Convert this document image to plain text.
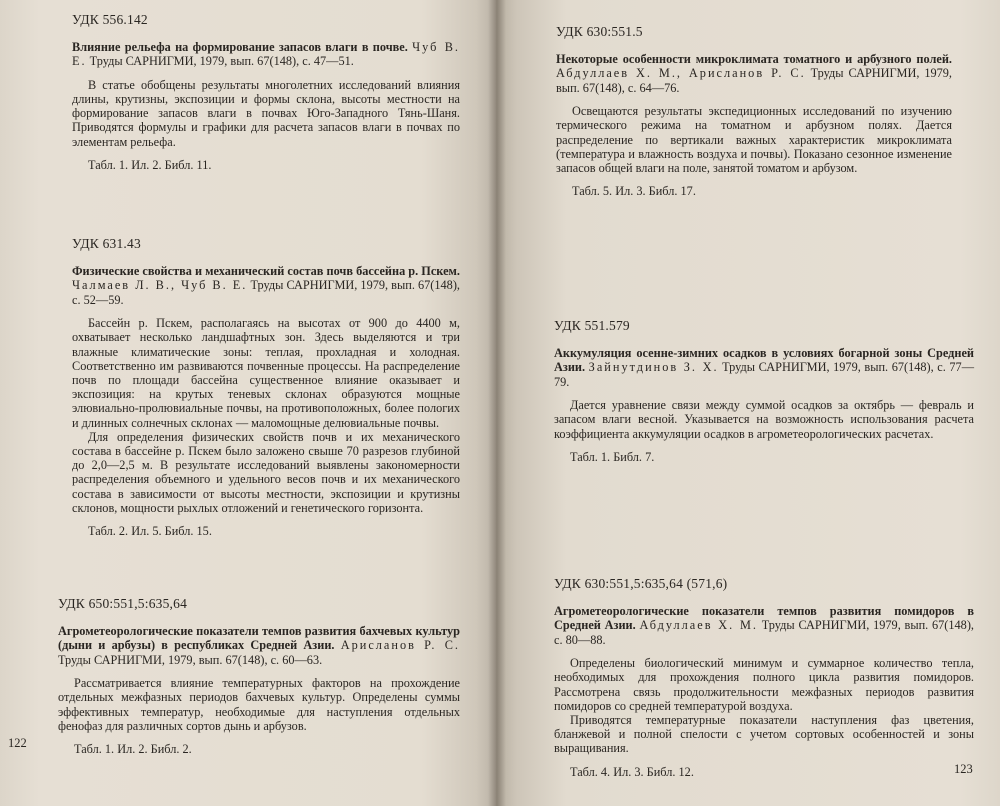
УДК 556.142

Влияние рельефа на формирование запасов влаги в почве. Чуб В. Е. Труды САРНИГМИ, 1979, вып. 67(148), с. 47—51.

В статье обобщены результаты многолетних исследований влияния длины, крутизны, экспозиции и формы склона, высоты местности на формирование запасов влаги в почвах Юго-Западного Тянь-Шаня. Приводятся формулы и графики для расчета запасов влаги в почвах по элементам рельефа.

Табл. 1. Ил. 2. Библ. 11.
УДК 631.43

Физические свойства и механический состав почв бассейна р. Пскем. Чалмаев Л. В., Чуб В. Е. Труды САРНИГМИ, 1979, вып. 67(148), с. 52—59.

Бассейн р. Пскем, располагаясь на высотах от 900 до 4400 м, охватывает несколько ландшафтных зон. Здесь выделяются и три влажные климатические зоны: теплая, прохладная и холодная. Соответственно им развиваются почвенные процессы. На распределение почв по площади бассейна существенное влияние оказывает и экспозиция: на крутых теневых склонах образуются мощные элювиально-пролювиальные почвы, на противоположных, более пологих и длинных солнечных склонах — маломощные делювиальные почвы.

Для определения физических свойств почв и их механического состава в бассейне р. Пскем было заложено свыше 70 разрезов глубиной до 2,0—2,5 м. В результате исследований выявлены закономерности распределения объемного и удельного весов почв и их механического состава в зависимости от высоты местности, экспозиции и крутизны склонов, мощности рыхлых отложений и генетического горизонта.

Табл. 2. Ил. 5. Библ. 15.
УДК 650:551,5:635,64

Агрометеорологические показатели темпов развития бахчевых культур (дыни и арбузы) в республиках Средней Азии. Арисланов Р. С. Труды САРНИГМИ, 1979, вып. 67(148), с. 60—63.

Рассматривается влияние температурных факторов на прохождение отдельных межфазных периодов бахчевых культур. Определены суммы эффективных температур, необходимые для наступления отдельных фенофаз для различных сортов дынь и арбузов.

Табл. 1. Ил. 2. Библ. 2.
122
УДК 630:551.5

Некоторые особенности микроклимата томатного и арбузного полей. Абдуллаев Х. М., Арисланов Р. С. Труды САРНИГМИ, 1979, вып. 67(148), с. 64—76.

Освещаются результаты экспедиционных исследований по изучению термического режима на томатном и арбузном полях. Дается распределение по вертикали важных характеристик микроклимата (температура и влажность воздуха и почвы). Показано сезонное изменение запасов общей влаги на поле, занятой томатом и арбузом.

Табл. 5. Ил. 3. Библ. 17.
УДК 551.579

Аккумуляция осенне-зимних осадков в условиях богарной зоны Средней Азии. Зайнутдинов З. Х. Труды САРНИГМИ, 1979, вып. 67(148), с. 77—79.

Дается уравнение связи между суммой осадков за октябрь — февраль и запасом влаги весной. Указывается на возможность использования расчета коэффициента аккумуляции осадков в агрометеорологических расчетах.

Табл. 1. Библ. 7.
УДК 630:551,5:635,64 (571,6)

Агрометеорологические показатели темпов развития помидоров в Средней Азии. Абдуллаев Х. М. Труды САРНИГМИ, 1979, вып. 67(148), с. 80—88.

Определены биологический минимум и суммарное количество тепла, необходимых для прохождения полного цикла развития помидоров. Рассмотрена связь продолжительности межфазных периодов развития помидоров со средней температурой воздуха.

Приводятся температурные показатели наступления фаз цветения, бланжевой и полной спелости с учетом сортовых особенностей и зоны выращивания.

Табл. 4. Ил. 3. Библ. 12.	123
